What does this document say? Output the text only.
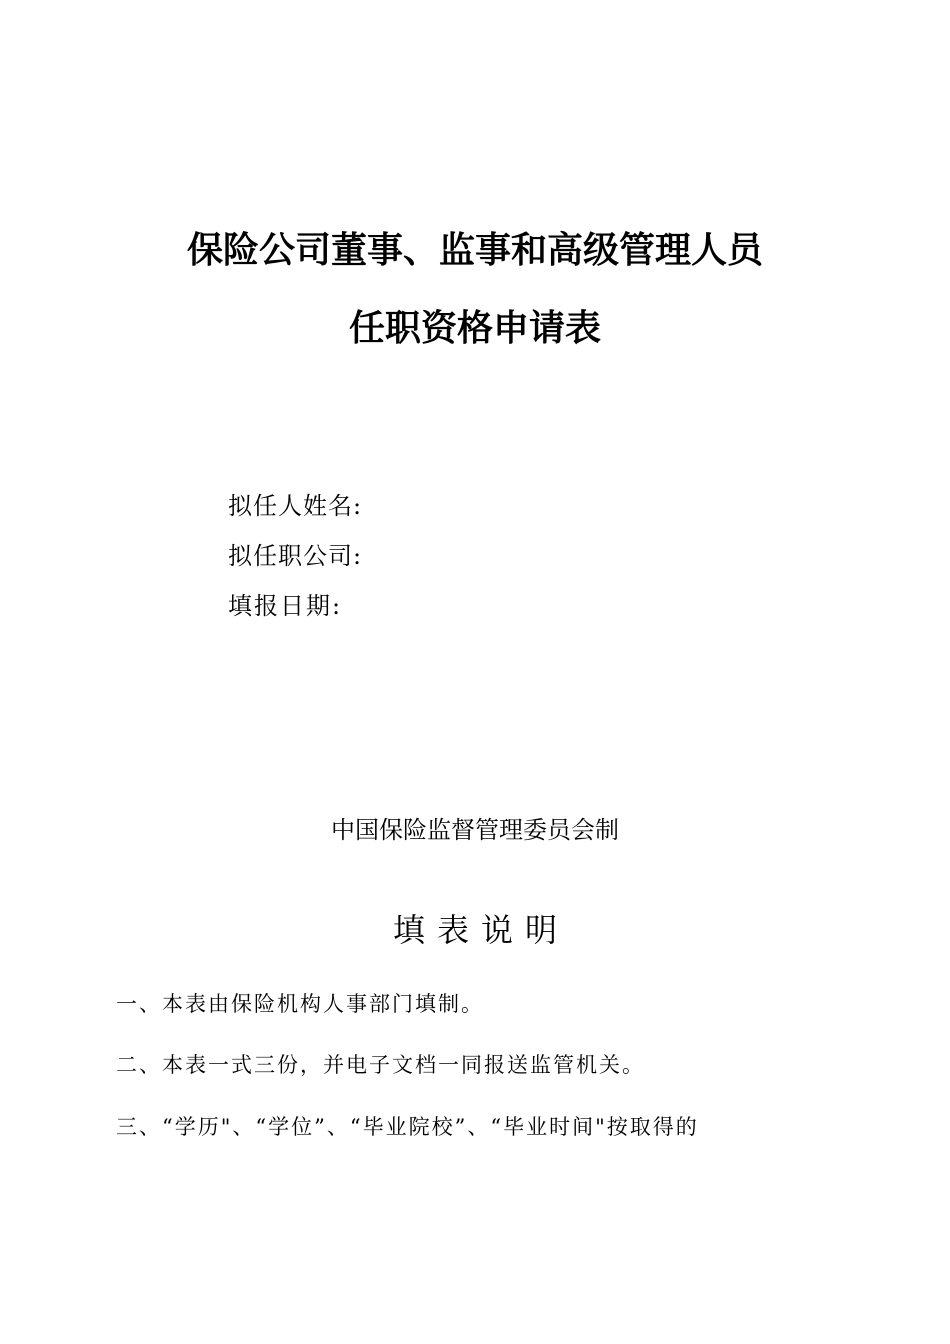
保险公司董事、监事和高级管理人员
任职资格申请表
拟任人姓名:
拟任职公司:
填报日期:
中国保险监督管理委员会制
填表说明
一、本表由保险机构人事部门填制。
二、本表一式三份，并电子文档一同报送监管机关。
三、“学历"、“学位”、“毕业院校”、“毕业时间"按取得的
